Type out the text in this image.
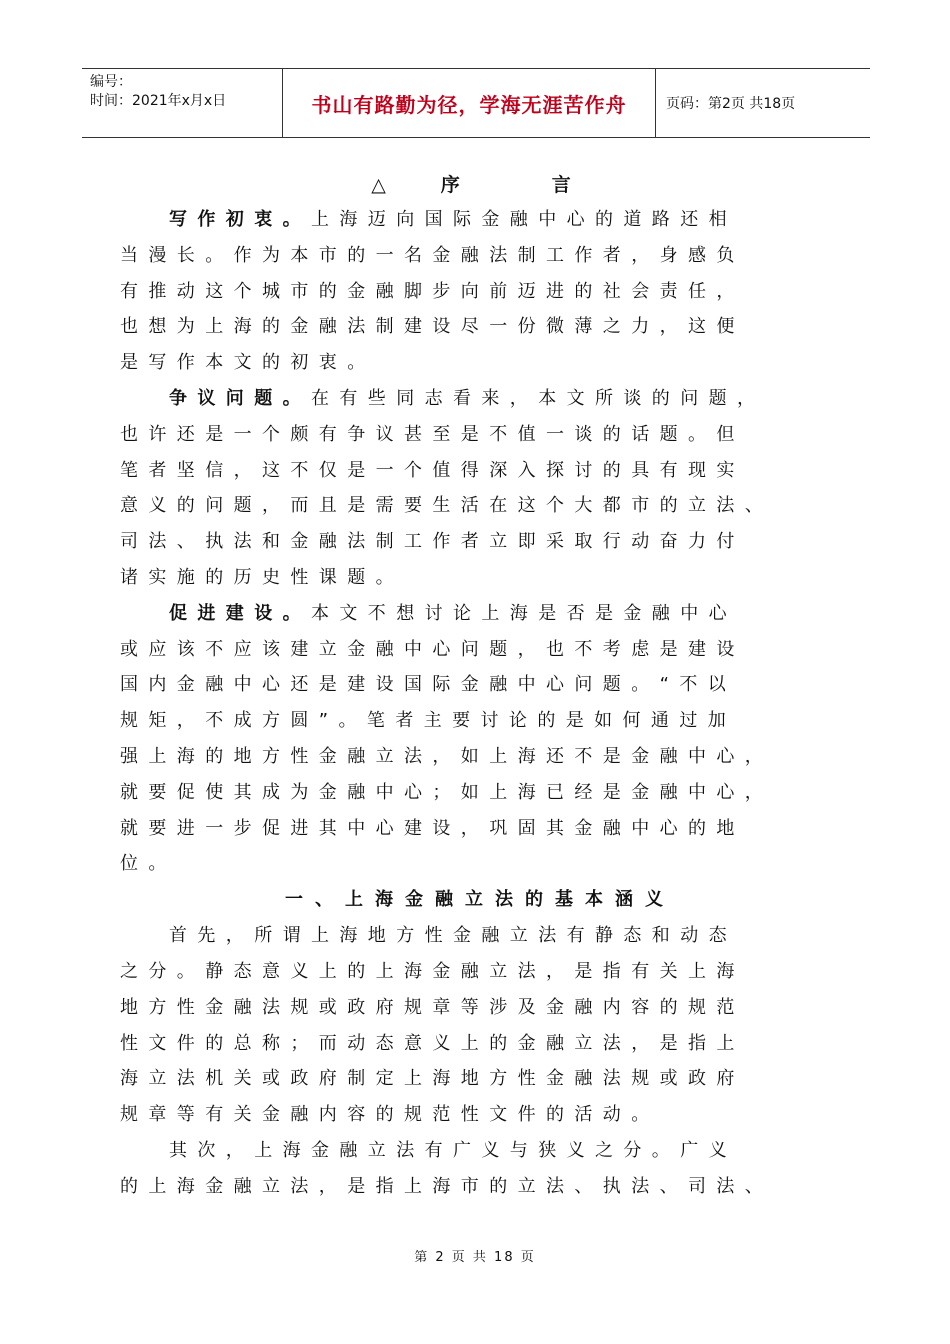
编号：
时间：2021年x月x日	书山有路勤为径，学海无涯苦作舟	页码：第2页 共18页
△　序　　言
写作初衷。上海迈向国际金融中心的道路还相
当漫长。作为本市的一名金融法制工作者，身感负
有推动这个城市的金融脚步向前迈进的社会责任，
也想为上海的金融法制建设尽一份微薄之力，这便
是写作本文的初衷。
争议问题。在有些同志看来，本文所谈的问题，
也许还是一个颇有争议甚至是不值一谈的话题。但
笔者坚信，这不仅是一个值得深入探讨的具有现实
意义的问题，而且是需要生活在这个大都市的立法、
司法、执法和金融法制工作者立即采取行动奋力付
诸实施的历史性课题。
促进建设。本文不想讨论上海是否是金融中心
或应该不应该建立金融中心问题，也不考虑是建设
国内金融中心还是建设国际金融中心问题。“不以
规矩，不成方圆”。笔者主要讨论的是如何通过加
强上海的地方性金融立法，如上海还不是金融中心，
就要促使其成为金融中心；如上海已经是金融中心，
就要进一步促进其中心建设，巩固其金融中心的地
位。
一、上海金融立法的基本涵义
首先，所谓上海地方性金融立法有静态和动态
之分。静态意义上的上海金融立法，是指有关上海
地方性金融法规或政府规章等涉及金融内容的规范
性文件的总称；而动态意义上的金融立法，是指上
海立法机关或政府制定上海地方性金融法规或政府
规章等有关金融内容的规范性文件的活动。
其次，上海金融立法有广义与狭义之分。广义
的上海金融立法，是指上海市的立法、执法、司法、
第 2 页 共 18 页
